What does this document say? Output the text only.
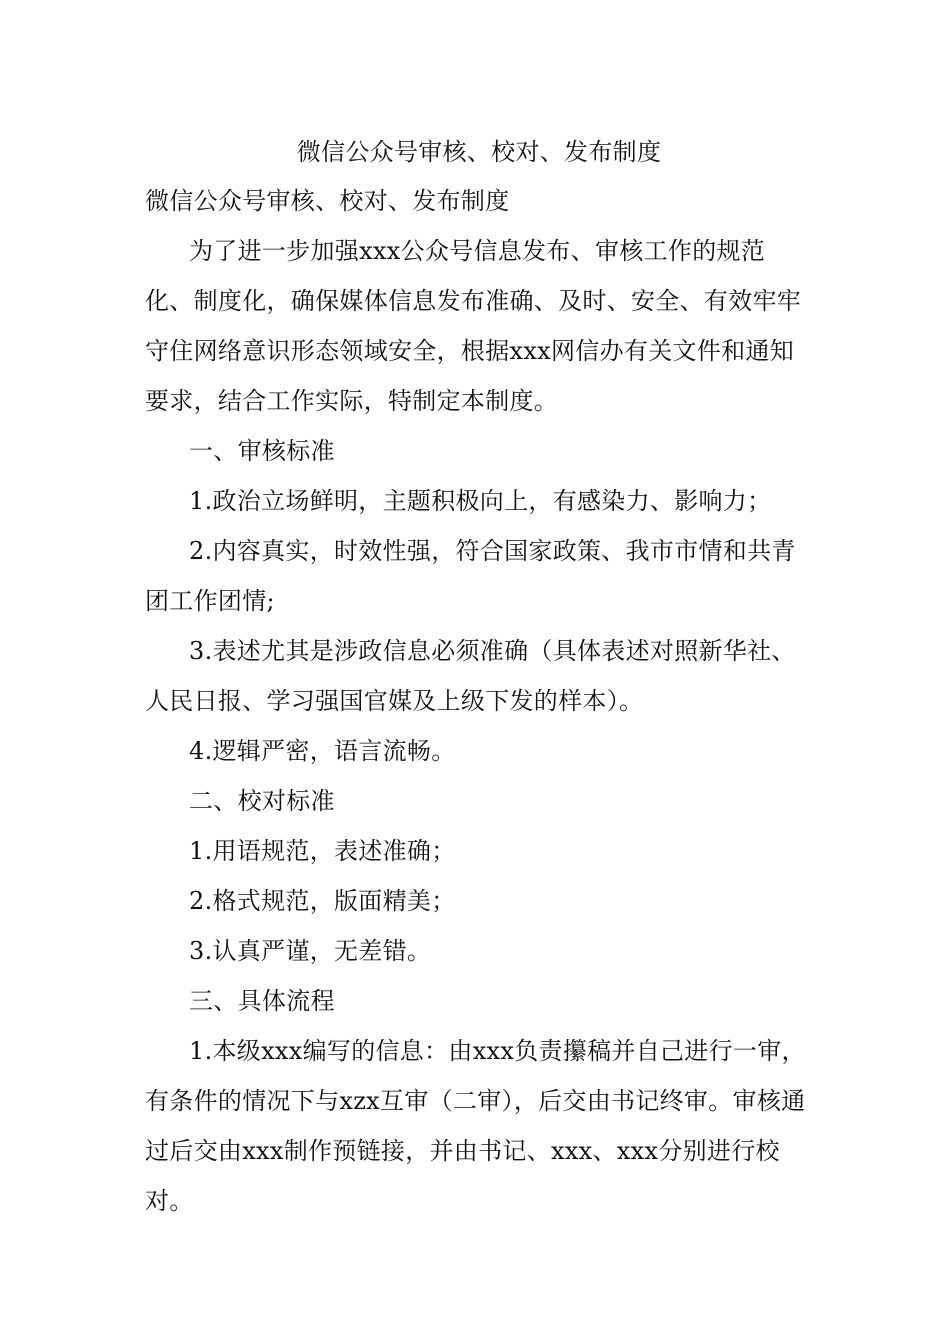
微信公众号审核、校对、发布制度
微信公众号审核、校对、发布制度

为了进一步加强xxx公众号信息发布、审核工作的规范化、制度化，确保媒体信息发布准确、及时、安全、有效牢牢守住网络意识形态领域安全，根据xxx网信办有关文件和通知要求，结合工作实际，特制定本制度。

一、审核标准

1.政治立场鲜明，主题积极向上，有感染力、影响力；

2.内容真实，时效性强，符合国家政策、我市市情和共青团工作团情;

3.表述尤其是涉政信息必须准确（具体表述对照新华社、人民日报、学习强国官媒及上级下发的样本）。

4.逻辑严密，语言流畅。

二、校对标准

1.用语规范，表述准确；

2.格式规范，版面精美；

3.认真严谨，无差错。

三、具体流程

1.本级xxx编写的信息：由xxx负责攥稿并自己进行一审，有条件的情况下与xzx互审（二审），后交由书记终审。审核通过后交由xxx制作预链接，并由书记、xxx、xxx分别进行校对。
